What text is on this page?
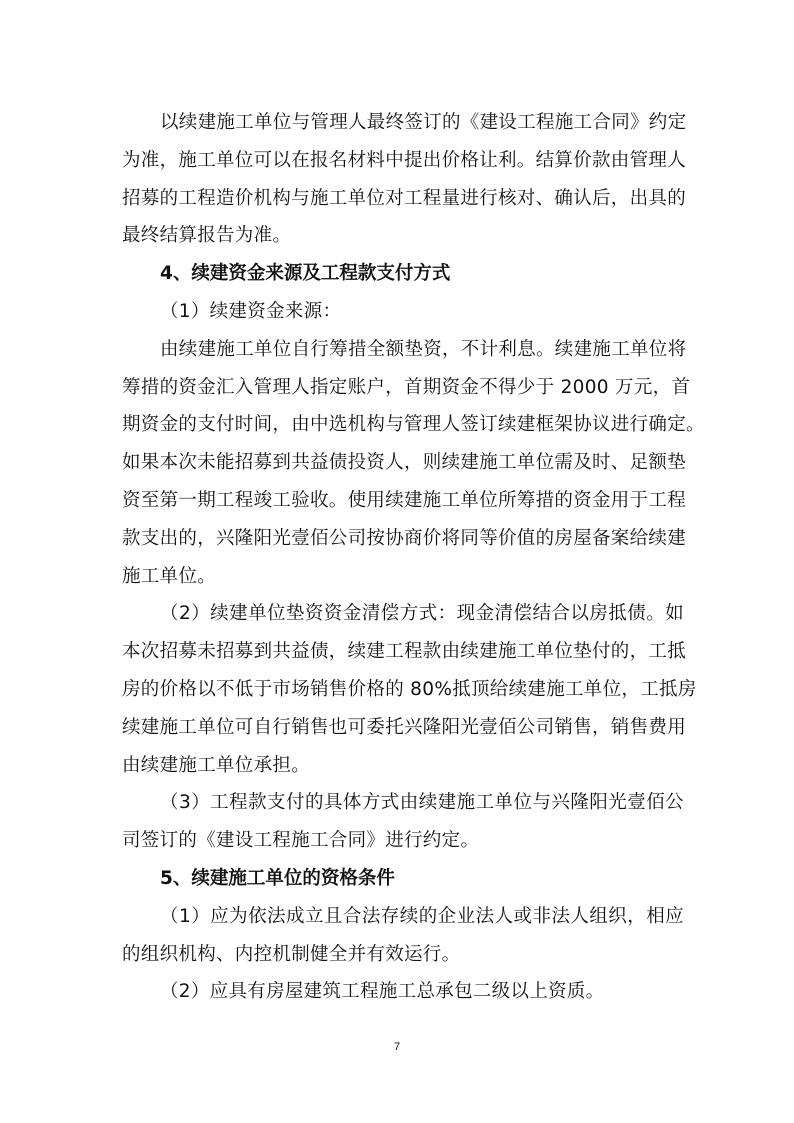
以续建施工单位与管理人最终签订的《建设工程施工合同》约定
为准，施工单位可以在报名材料中提出价格让利。结算价款由管理人
招募的工程造价机构与施工单位对工程量进行核对、确认后，出具的
最终结算报告为准。
4、续建资金来源及工程款支付方式
（1）续建资金来源：
由续建施工单位自行筹措全额垫资，不计利息。续建施工单位将
筹措的资金汇入管理人指定账户，首期资金不得少于 2000 万元，首
期资金的支付时间，由中选机构与管理人签订续建框架协议进行确定。
如果本次未能招募到共益债投资人，则续建施工单位需及时、足额垫
资至第一期工程竣工验收。使用续建施工单位所筹措的资金用于工程
款支出的，兴隆阳光壹佰公司按协商价将同等价值的房屋备案给续建
施工单位。
（2）续建单位垫资资金清偿方式：现金清偿结合以房抵债。如
本次招募未招募到共益债，续建工程款由续建施工单位垫付的，工抵
房的价格以不低于市场销售价格的 80%抵顶给续建施工单位，工抵房
续建施工单位可自行销售也可委托兴隆阳光壹佰公司销售，销售费用
由续建施工单位承担。
（3）工程款支付的具体方式由续建施工单位与兴隆阳光壹佰公
司签订的《建设工程施工合同》进行约定。
5、续建施工单位的资格条件
（1）应为依法成立且合法存续的企业法人或非法人组织，相应
的组织机构、内控机制健全并有效运行。
（2）应具有房屋建筑工程施工总承包二级以上资质。
7
